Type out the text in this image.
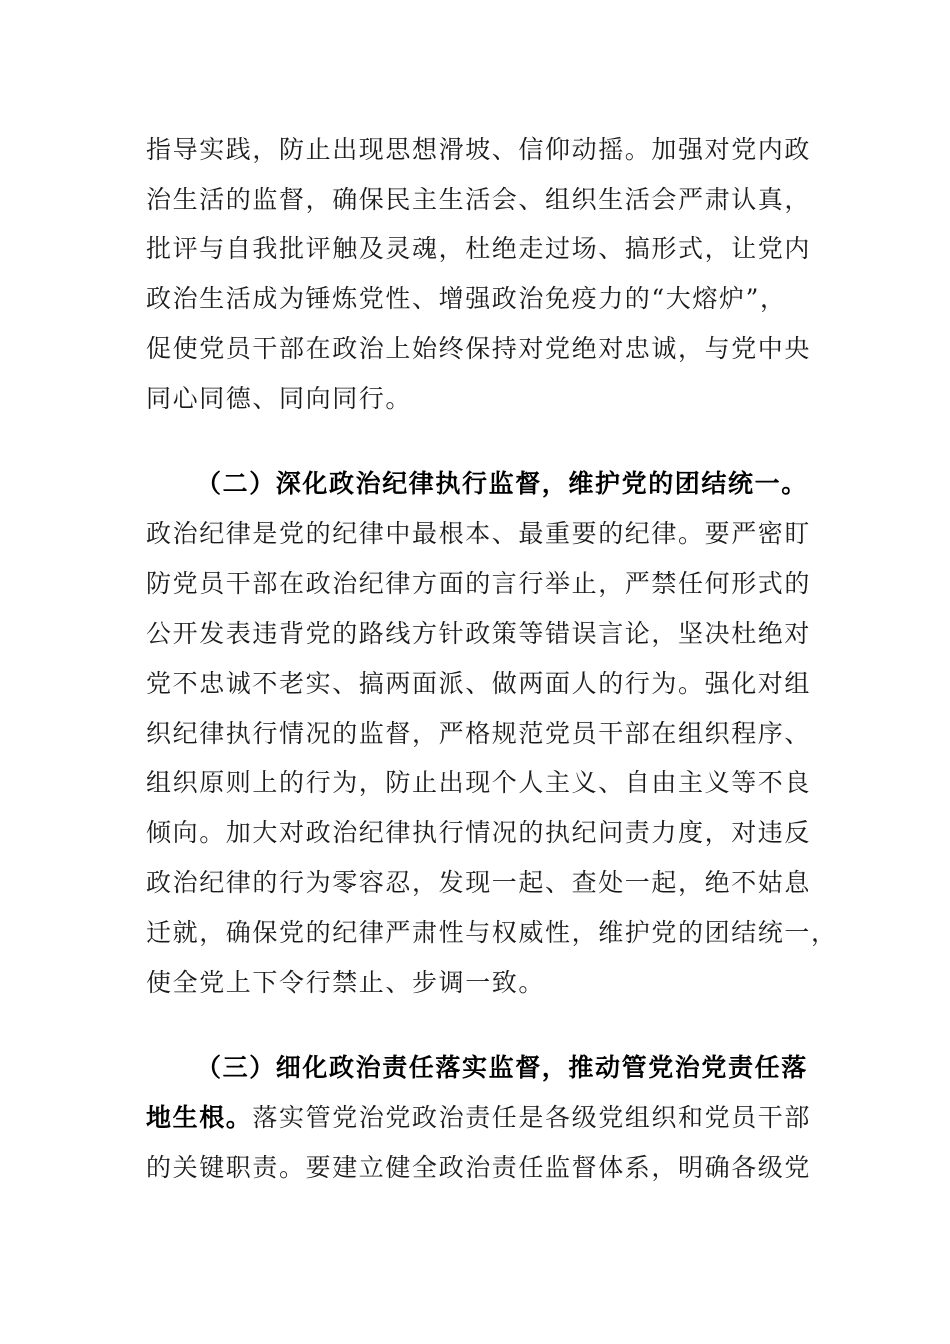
指导实践，防止出现思想滑坡、信仰动摇。加强对党内政
治生活的监督，确保民主生活会、组织生活会严肃认真，
批评与自我批评触及灵魂，杜绝走过场、搞形式，让党内
政治生活成为锤炼党性、增强政治免疫力的“大熔炉”，
促使党员干部在政治上始终保持对党绝对忠诚，与党中央
同心同德、同向同行。
（二）深化政治纪律执行监督，维护党的团结统一。
政治纪律是党的纪律中最根本、最重要的纪律。要严密盯
防党员干部在政治纪律方面的言行举止，严禁任何形式的
公开发表违背党的路线方针政策等错误言论，坚决杜绝对
党不忠诚不老实、搞两面派、做两面人的行为。强化对组
织纪律执行情况的监督，严格规范党员干部在组织程序、
组织原则上的行为，防止出现个人主义、自由主义等不良
倾向。加大对政治纪律执行情况的执纪问责力度，对违反
政治纪律的行为零容忍，发现一起、查处一起，绝不姑息
迁就，确保党的纪律严肃性与权威性，维护党的团结统一，
使全党上下令行禁止、步调一致。
（三）细化政治责任落实监督，推动管党治党责任落
地生根。落实管党治党政治责任是各级党组织和党员干部
的关键职责。要建立健全政治责任监督体系，明确各级党
